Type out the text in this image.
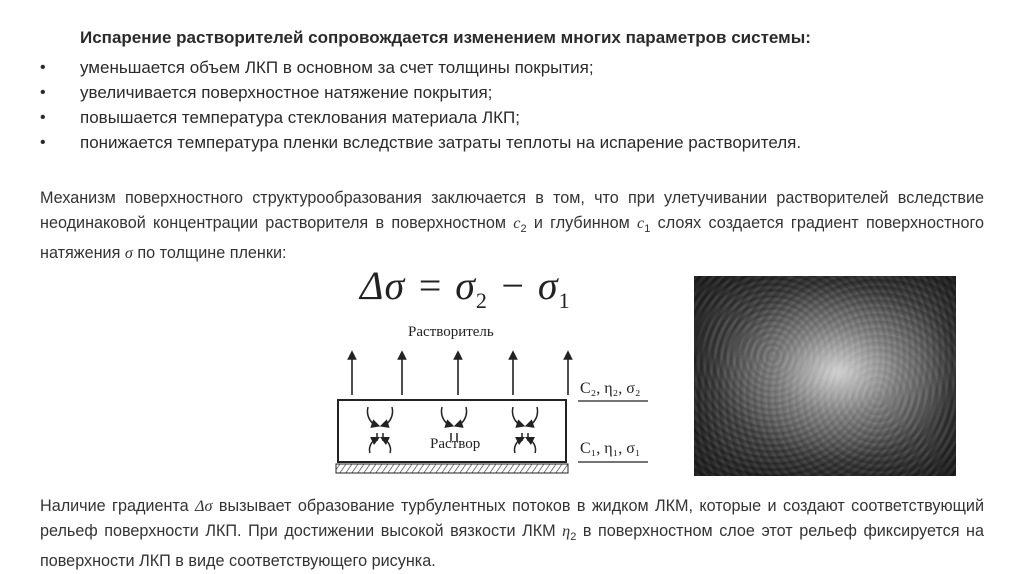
Испарение растворителей сопровождается изменением многих параметров системы:
• уменьшается объем ЛКП в основном за счет толщины покрытия;
• увеличивается поверхностное натяжение покрытия;
• повышается температура стеклования материала ЛКП;
• понижается температура пленки вследствие затраты теплоты на испарение растворителя.
Механизм поверхностного структурообразования заключается в том, что при улетучивании растворителей вследствие неодинаковой концентрации растворителя в поверхностном $c_2$ и глубинном $c_1$ слоях создается градиент поверхностного натяжения σ по толщине пленки:
$\Delta\sigma = \sigma_2 - \sigma_1$
Растворитель
Раствор
C₂, η₂, σ₂
C₁, η₁, σ₁
Наличие градиента Δσ вызывает образование турбулентных потоков в жидком ЛКМ, которые и создают соответствующий рельеф поверхности ЛКП. При достижении высокой вязкости ЛКМ $\eta_2$ в поверхностном слое этот рельеф фиксируется на поверхности ЛКП в виде соответствующего рисунка.
